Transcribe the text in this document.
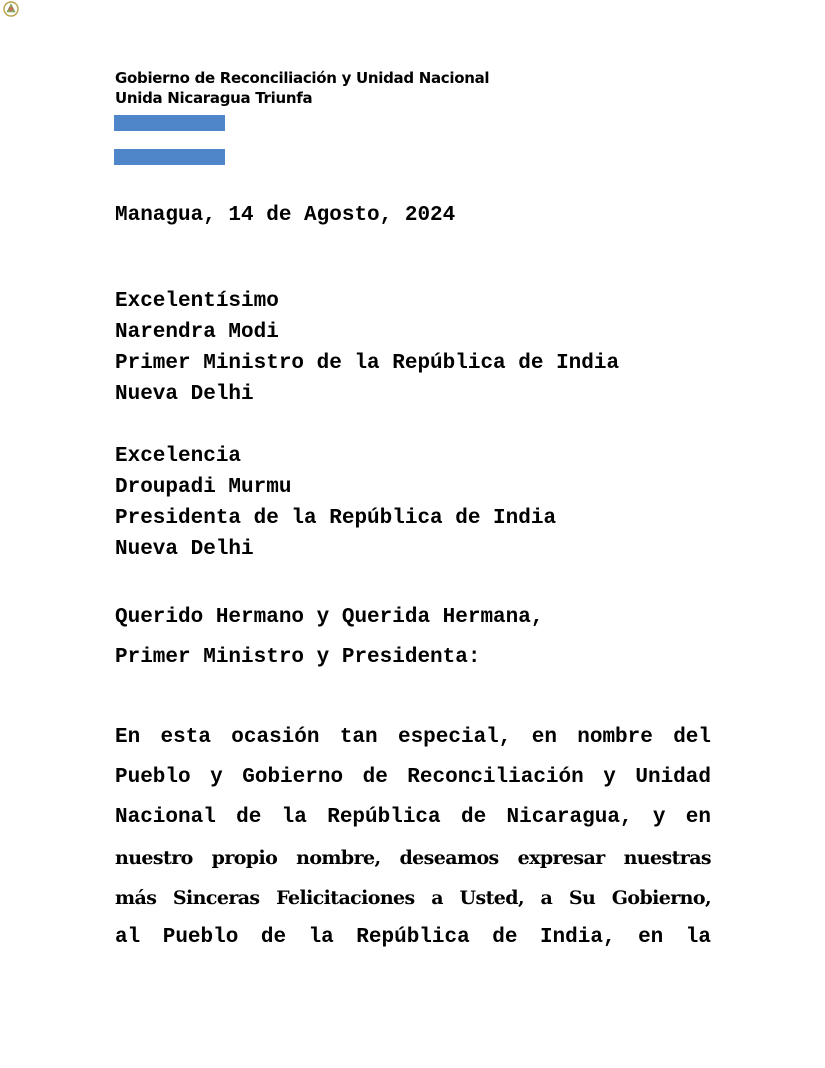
Gobierno de Reconciliación y Unidad Nacional
Unida Nicaragua Triunfa
Managua, 14 de Agosto, 2024
Excelentísimo
Narendra Modi
Primer Ministro de la República de India
Nueva Delhi
Excelencia
Droupadi Murmu
Presidenta de la República de India
Nueva Delhi
Querido Hermano y Querida Hermana,
Primer Ministro y Presidenta:
En esta ocasión tan especial, en nombre del
Pueblo y Gobierno de Reconciliación y Unidad
Nacional de la República de Nicaragua, y en
nuestro propio nombre, deseamos expresar nuestras
más Sinceras Felicitaciones a Usted, a Su Gobierno,
al Pueblo de la República de India, en la
